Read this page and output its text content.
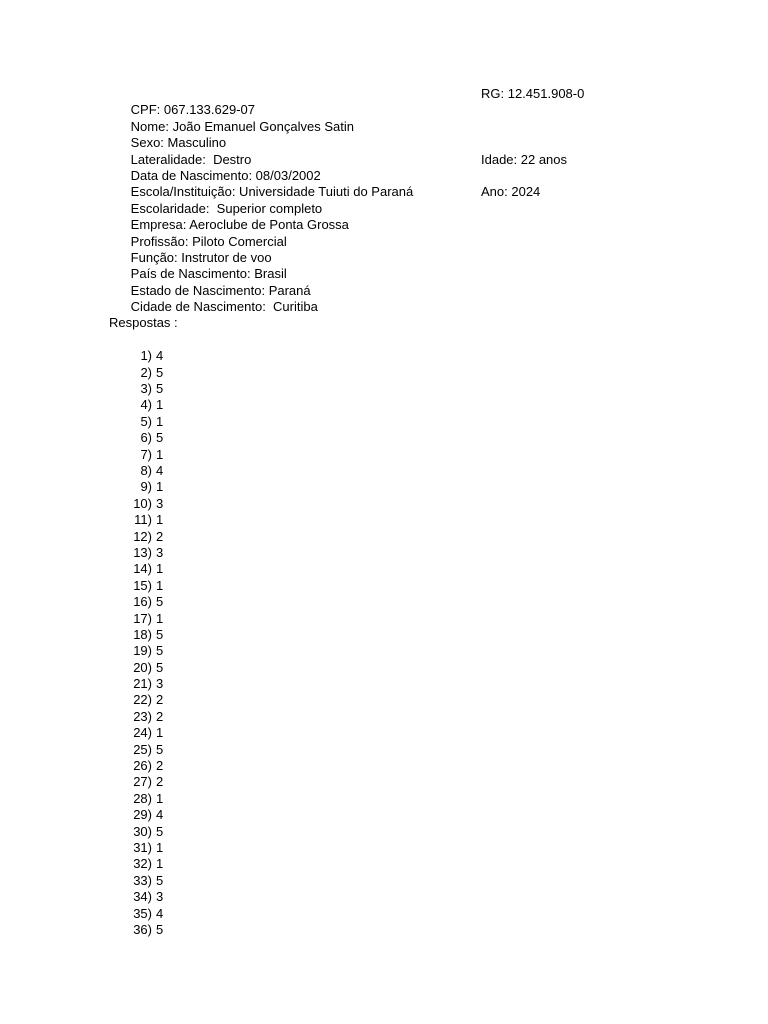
CPF: 067.133.629-07

RG: 12.451.908-0

Nome: João Emanuel Gonçalves Satin

Sexo: Masculino

Lateralidade:  Destro

Data de Nascimento: 08/03/2002

Idade: 22 anos

Escola/Instituição: Universidade Tuiuti do Paraná

Escolaridade:  Superior completo

Ano: 2024

Empresa: Aeroclube de Ponta Grossa

Profissão: Piloto Comercial

Função: Instrutor de voo

País de Nascimento: Brasil

Estado de Nascimento: Paraná

Cidade de Nascimento:  Curitiba

Respostas :
1) 4
2) 5
3) 5
4) 1
5) 1
6) 5
7) 1
8) 4
9) 1
10) 3
11) 1
12) 2
13) 3
14) 1
15) 1
16) 5
17) 1
18) 5
19) 5
20) 5
21) 3
22) 2
23) 2
24) 1
25) 5
26) 2
27) 2
28) 1
29) 4
30) 5
31) 1
32) 1
33) 5
34) 3
35) 4
36) 5
